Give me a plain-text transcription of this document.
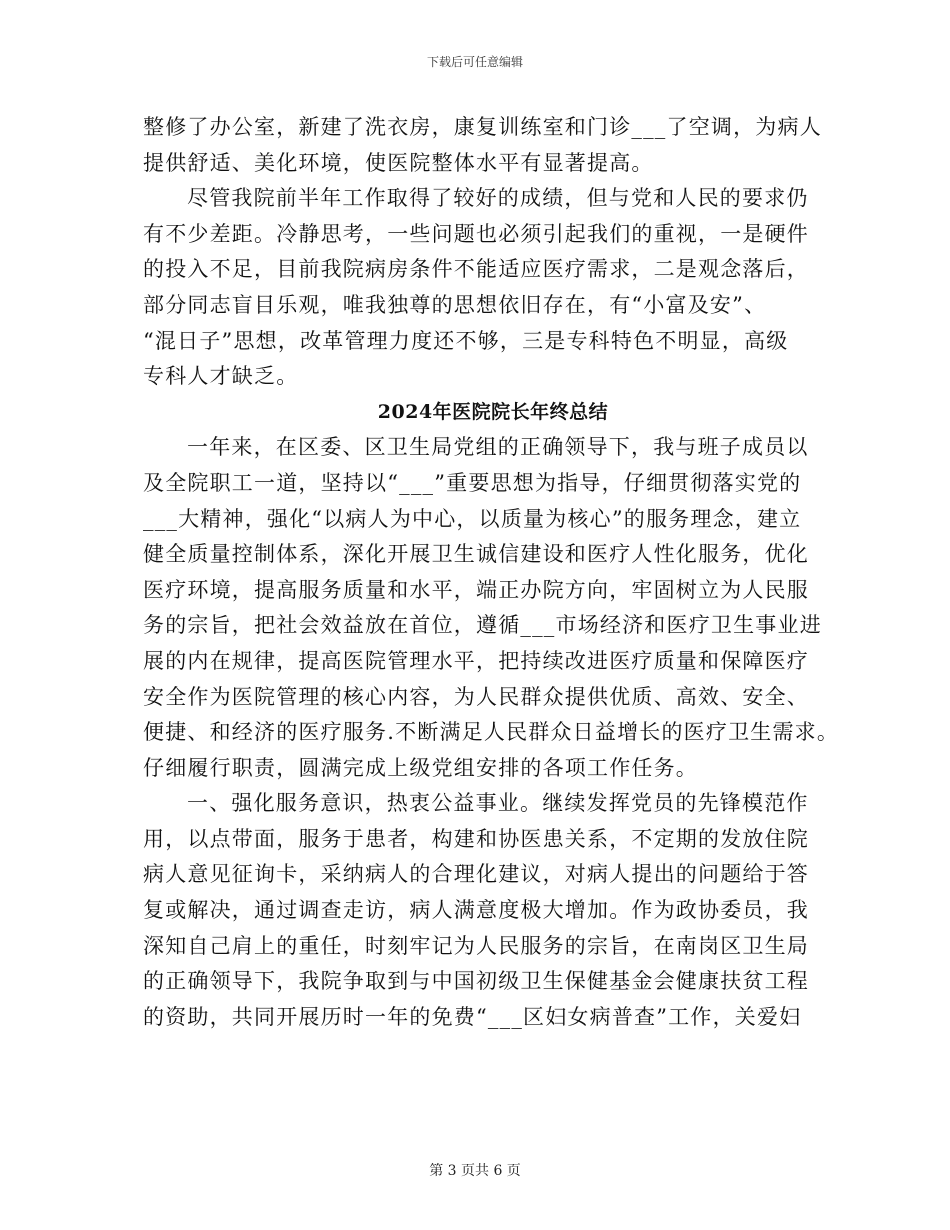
下载后可任意编辑
整修了办公室，新建了洗衣房，康复训练室和门诊___了空调，为病人
提供舒适、美化环境，使医院整体水平有显著提高。
尽管我院前半年工作取得了较好的成绩，但与党和人民的要求仍
有不少差距。冷静思考，一些问题也必须引起我们的重视，一是硬件
的投入不足，目前我院病房条件不能适应医疗需求，二是观念落后，
部分同志盲目乐观，唯我独尊的思想依旧存在，有“小富及安”、
“混日子”思想，改革管理力度还不够，三是专科特色不明显，高级
专科人才缺乏。
2024年医院院长年终总结
一年来，在区委、区卫生局党组的正确领导下，我与班子成员以
及全院职工一道，坚持以“___”重要思想为指导，仔细贯彻落实党的
___大精神，强化“以病人为中心，以质量为核心”的服务理念，建立
健全质量控制体系，深化开展卫生诚信建设和医疗人性化服务，优化
医疗环境，提高服务质量和水平，端正办院方向，牢固树立为人民服
务的宗旨，把社会效益放在首位，遵循___市场经济和医疗卫生事业进
展的内在规律，提高医院管理水平，把持续改进医疗质量和保障医疗
安全作为医院管理的核心内容，为人民群众提供优质、高效、安全、
便捷、和经济的医疗服务.不断满足人民群众日益增长的医疗卫生需求。
仔细履行职责，圆满完成上级党组安排的各项工作任务。
一、强化服务意识，热衷公益事业。继续发挥党员的先锋模范作
用，以点带面，服务于患者，构建和协医患关系，不定期的发放住院
病人意见征询卡，采纳病人的合理化建议，对病人提出的问题给于答
复或解决，通过调查走访，病人满意度极大增加。作为政协委员，我
深知自己肩上的重任，时刻牢记为人民服务的宗旨，在南岗区卫生局
的正确领导下，我院争取到与中国初级卫生保健基金会健康扶贫工程
的资助，共同开展历时一年的免费“___区妇女病普查”工作，关爱妇
第 3 页共 6 页
